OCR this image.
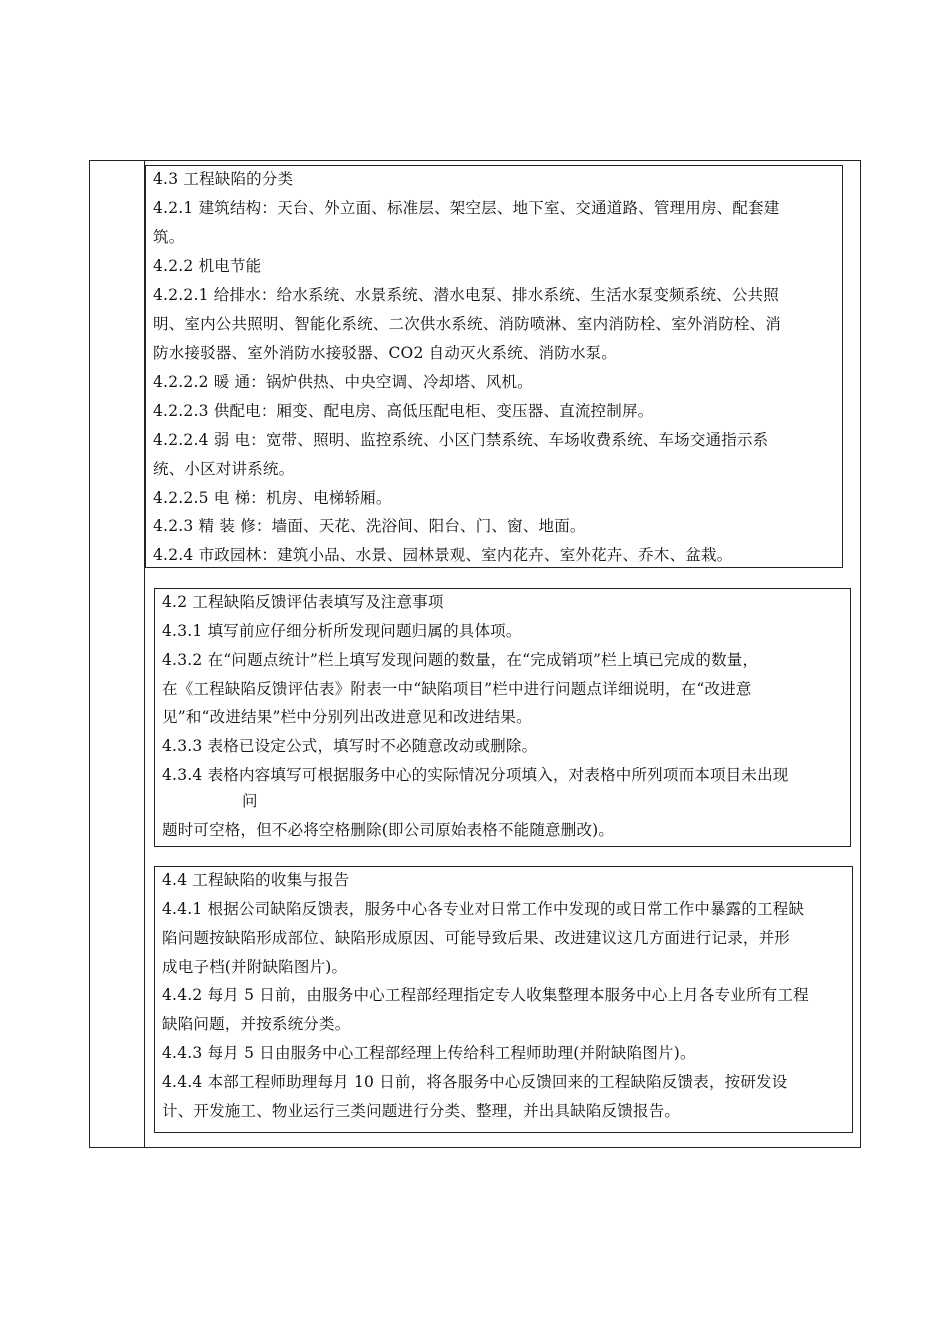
4.3 工程缺陷的分类
4.2.1 建筑结构：天台、外立面、标准层、架空层、地下室、交通道路、管理用房、配套建
筑。
4.2.2 机电节能
4.2.2.1 给排水：给水系统、水景系统、潜水电泵、排水系统、生活水泵变频系统、公共照
明、室内公共照明、智能化系统、二次供水系统、消防喷淋、室内消防栓、室外消防栓、消
防水接驳器、室外消防水接驳器、CO2 自动灭火系统、消防水泵。
4.2.2.2 暖 通：锅炉供热、中央空调、冷却塔、风机。
4.2.2.3 供配电：厢变、配电房、高低压配电柜、变压器、直流控制屏。
4.2.2.4 弱 电：宽带、照明、监控系统、小区门禁系统、车场收费系统、车场交通指示系
统、小区对讲系统。
4.2.2.5 电 梯：机房、电梯轿厢。
4.2.3 精 装 修：墙面、天花、洗浴间、阳台、门、窗、地面。
4.2.4 市政园林：建筑小品、水景、园林景观、室内花卉、室外花卉、乔木、盆栽。
4.2 工程缺陷反馈评估表填写及注意事项
4.3.1 填写前应仔细分析所发现问题归属的具体项。
4.3.2 在“问题点统计”栏上填写发现问题的数量，在“完成销项”栏上填已完成的数量，
在《工程缺陷反馈评估表》附表一中“缺陷项目”栏中进行问题点详细说明，在“改进意
见”和“改进结果”栏中分别列出改进意见和改进结果。
4.3.3 表格已设定公式，填写时不必随意改动或删除。
4.3.4 表格内容填写可根据服务中心的实际情况分项填入，对表格中所列项而本项目未出现
问
题时可空格，但不必将空格删除(即公司原始表格不能随意删改)。
4.4 工程缺陷的收集与报告
4.4.1 根据公司缺陷反馈表，服务中心各专业对日常工作中发现的或日常工作中暴露的工程缺
陷问题按缺陷形成部位、缺陷形成原因、可能导致后果、改进建议这几方面进行记录，并形
成电子档(并附缺陷图片)。
4.4.2 每月 5 日前，由服务中心工程部经理指定专人收集整理本服务中心上月各专业所有工程
缺陷问题，并按系统分类。
4.4.3 每月 5 日由服务中心工程部经理上传给科工程师助理(并附缺陷图片)。
4.4.4 本部工程师助理每月 10 日前，将各服务中心反馈回来的工程缺陷反馈表，按研发设
计、开发施工、物业运行三类问题进行分类、整理，并出具缺陷反馈报告。
